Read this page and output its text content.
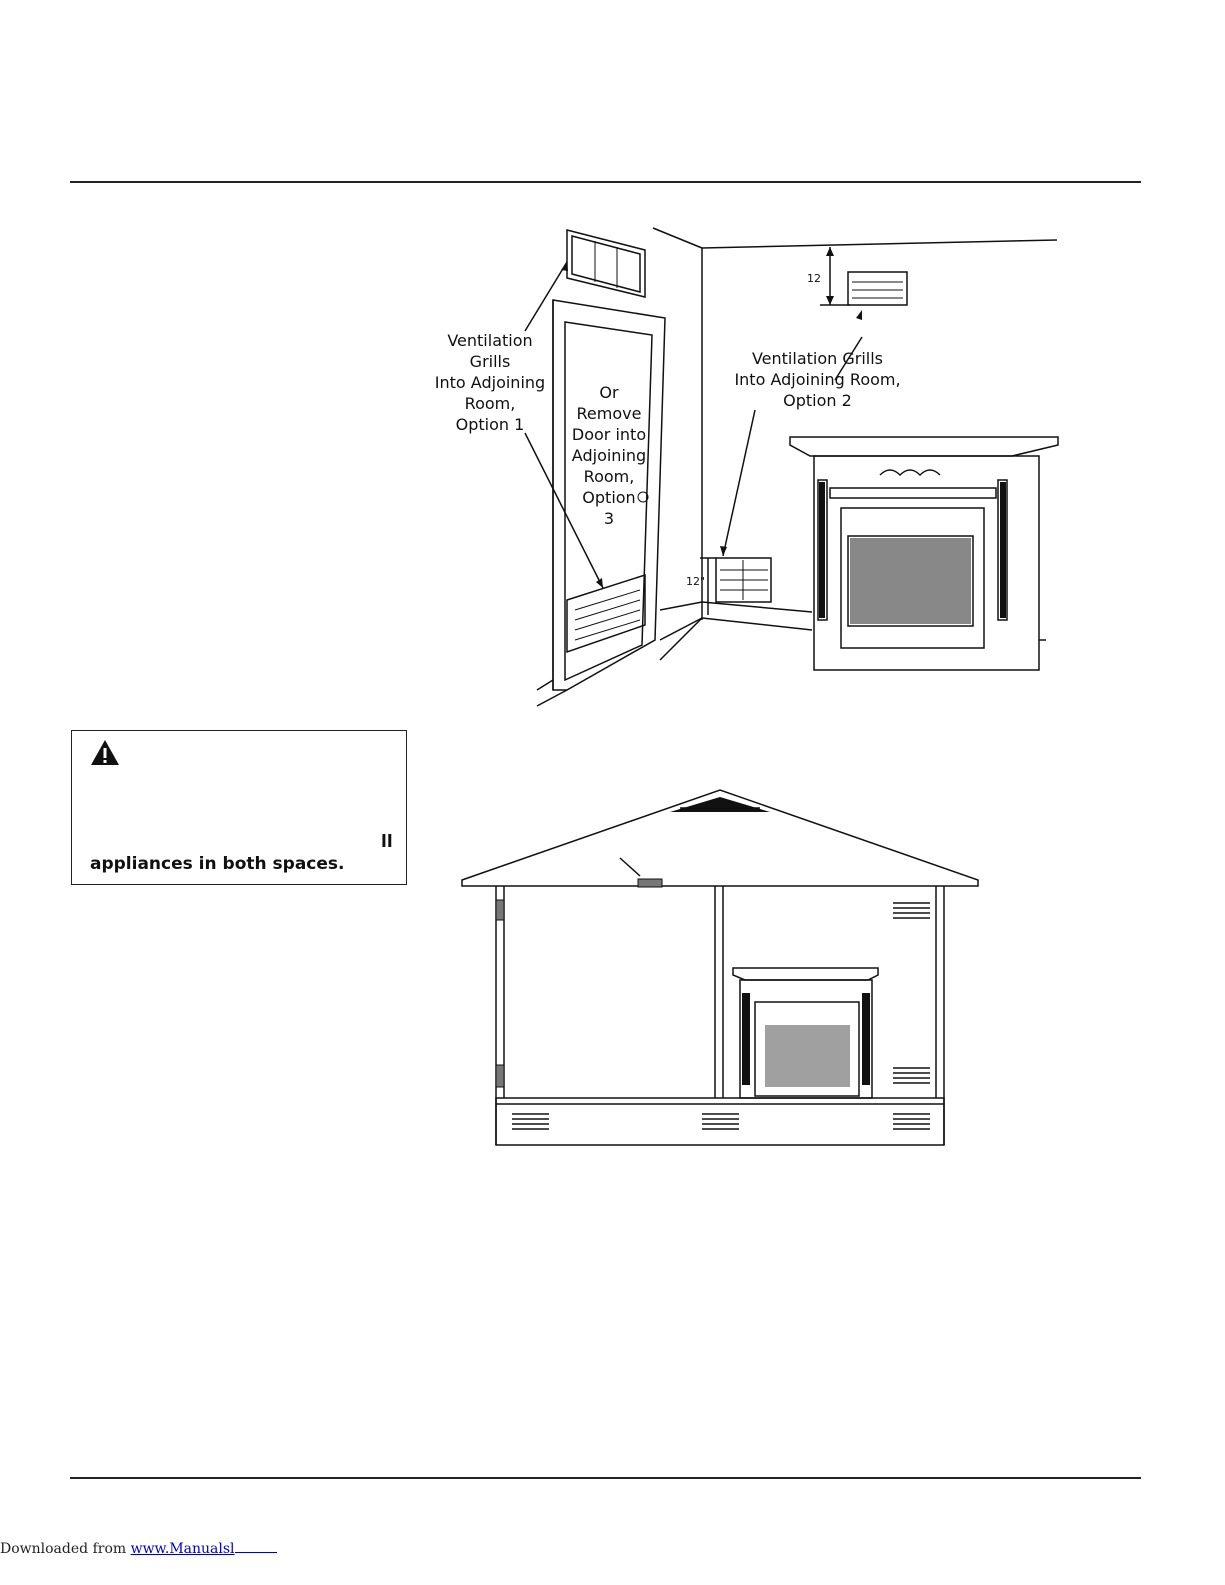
Ventilation
Grills
Into Adjoining
Room,
Option 1
Ventilation Grills
Into Adjoining Room,
Option 2
Or
Remove
Door into
Adjoining
Room,
Option
3
12
12"
ll
appliances in both spaces.
Downloaded from www.Manualsl
